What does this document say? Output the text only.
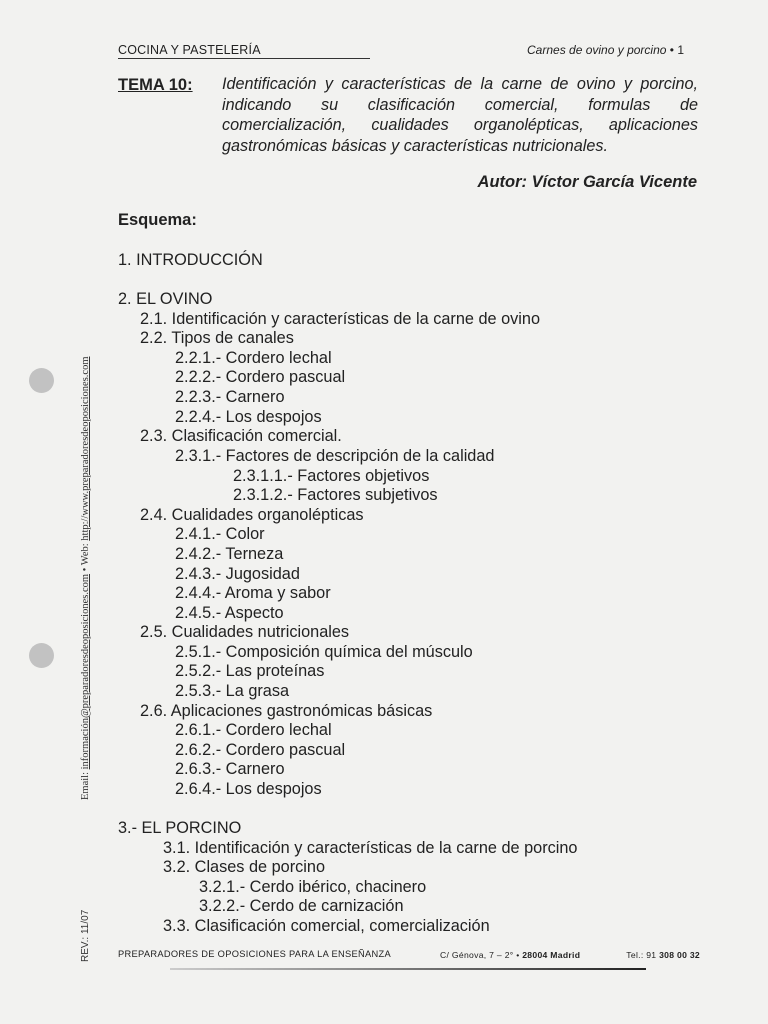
COCINA Y PASTELERÍA	Carnes de ovino y porcino • 1
TEMA 10: Identificación y características de la carne de ovino y porcino, indicando su clasificación comercial, formulas de comercialización, cualidades organolépticas, aplicaciones gastronómicas básicas y características nutricionales.
Autor: Víctor García Vicente
Esquema:
1. INTRODUCCIÓN
2. EL OVINO
2.1. Identificación y características de la carne de ovino
2.2. Tipos de canales
2.2.1.- Cordero lechal
2.2.2.- Cordero pascual
2.2.3.- Carnero
2.2.4.- Los despojos
2.3. Clasificación comercial.
2.3.1.- Factores de descripción de la calidad
2.3.1.1.- Factores objetivos
2.3.1.2.- Factores subjetivos
2.4. Cualidades organolépticas
2.4.1.- Color
2.4.2.- Terneza
2.4.3.- Jugosidad
2.4.4.- Aroma y sabor
2.4.5.- Aspecto
2.5. Cualidades nutricionales
2.5.1.- Composición química del músculo
2.5.2.- Las proteínas
2.5.3.- La grasa
2.6. Aplicaciones gastronómicas básicas
2.6.1.- Cordero lechal
2.6.2.- Cordero pascual
2.6.3.- Carnero
2.6.4.- Los despojos
3.- EL PORCINO
3.1. Identificación y características de la carne de porcino
3.2. Clases de porcino
3.2.1.- Cerdo ibérico, chacinero
3.2.2.- Cerdo de carnización
3.3. Clasificación comercial, comercialización
Email: información@preparadoresdeoposiciones.com • Web: http://www.preparadoresdeoposiciones.com
REV.: 11/07	PREPARADORES DE OPOSICIONES PARA LA ENSEÑANZA	C/ Génova, 7 – 2° • 28004 Madrid	Tel.: 91 308 00 32
